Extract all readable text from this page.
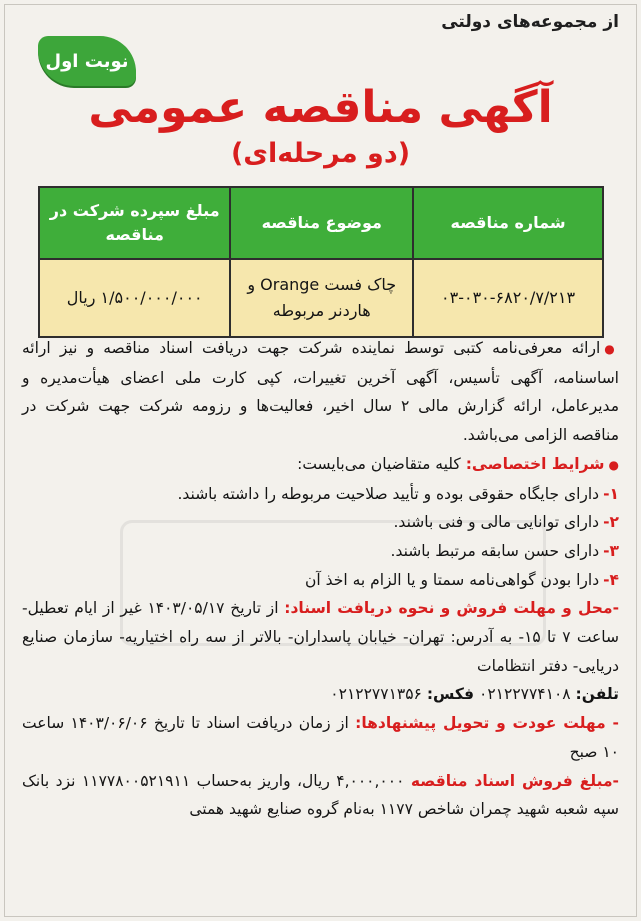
از مجموعه‌های دولتی
نوبت اول
آگهی مناقصه عمومی
(دو مرحله‌ای)
شماره مناقصه	موضوع مناقصه	مبلغ سپرده شرکت در مناقصه
۰۳-۰۳۰-۶۸۲۰/۷/۲۱۳	چاک فست Orange و هاردنر مربوطه	۱/۵۰۰/۰۰۰/۰۰۰ ریال

●ارائه معرفی‌نامه کتبی توسط نماینده شرکت جهت دریافت اسناد مناقصه و نیز ارائه اساسنامه، آگهی تأسیس، آگهی آخرین تغییرات، کپی کارت ملی اعضای هیأت‌مدیره و مدیرعامل، ارائه گزارش مالی ۲ سال اخیر، فعالیت‌ها و رزومه شرکت جهت شرکت در مناقصه الزامی می‌باشد.

●شرایط اختصاصی: کلیه متقاضیان می‌بایست:

۱-دارای جایگاه حقوقی بوده و تأیید صلاحیت مربوطه را داشته باشند.

۲-دارای توانایی مالی و فنی باشند.

۳-دارای حسن سابقه مرتبط باشند.

۴-دارا بودن گواهی‌نامه سمتا و یا الزام به اخذ آن

-محل و مهلت فروش و نحوه دریافت اسناد: از تاریخ ۱۴۰۳/۰۵/۱۷ غیر از ایام تعطیل- ساعت ۷ تا ۱۵- به آدرس: تهران- خیابان پاسداران- بالاتر از سه راه اختیاریه- سازمان صنایع دریایی- دفتر انتظامات

تلفن: ۰۲۱۲۲۷۷۴۱۰۸ فکس: ۰۲۱۲۲۷۷۱۳۵۶

- مهلت عودت و تحویل پیشنهادها: از زمان دریافت اسناد تا تاریخ ۱۴۰۳/۰۶/۰۶ ساعت ۱۰ صبح

-مبلغ فروش اسناد مناقصه ۴,۰۰۰,۰۰۰ ریال، واریز به‌حساب ۱۱۷۷۸۰۰۵۲۱۹۱۱ نزد بانک سپه شعبه شهید چمران شاخص ۱۱۷۷ به‌نام گروه صنایع شهید همتی
